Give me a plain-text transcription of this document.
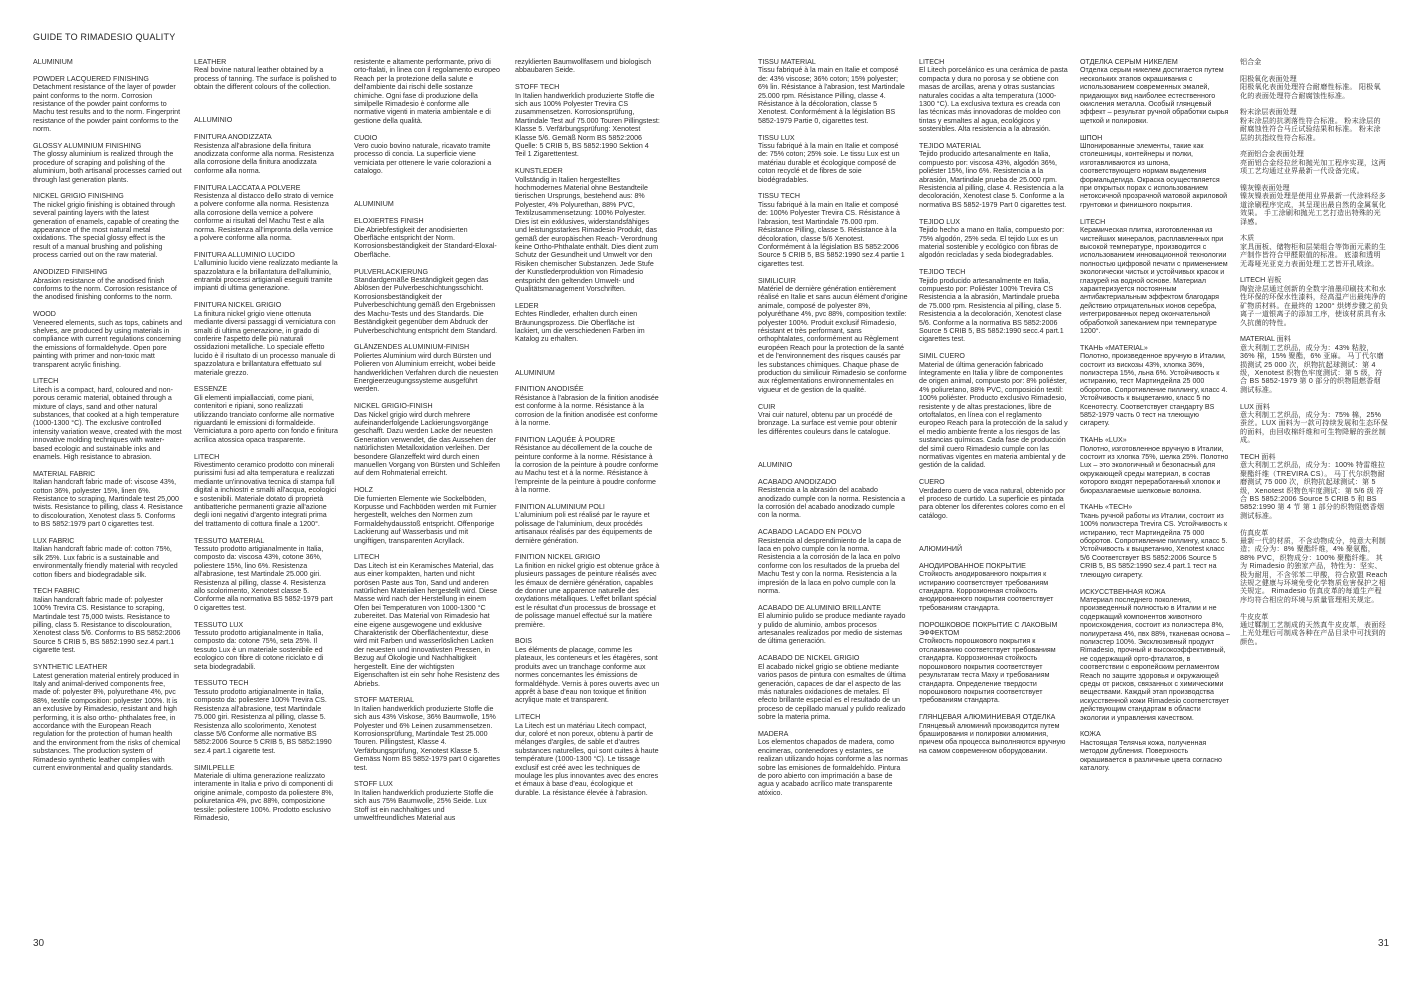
GUIDE TO RIMADESIO QUALITY
ALUMINIUM
POWDER LACQUERED FINISHING
Detachment resistance of the layer of powder paint conforms to the norm. Corrosion resistance of the powder paint conforms to Machu test results and to the norm. Fingerprint resistance of the powder paint conforms to the norm.
GLOSSY ALUMINIUM FINISHING
The glossy aluminium is realized through the procedure of scraping and polishing of the aluminium, both artisanal processes carried out through last generation plants.
NICKEL GRIGIO FINISHING
The nickel grigio finishing is obtained through several painting layers with the latest generation of enamels, capable of creating the appearance of the most natural metal oxidations. The special glossy effect is the result of a manual brushing and polishing process carried out on the raw material.
ANODIZED FINISHING
Abrasion resistance of the anodised finish conforms to the norm. Corrosion resistance of the anodised finishing conforms to the norm.
WOOD
Veneered elements, such as tops, cabinets and shelves, are produced by using materials in compliance with current regulations concerning the emissions of formaldehyde. Open pore painting with primer and non-toxic matt transparent acrylic finishing.
LITECH
Litech is a compact, hard, coloured and non-porous ceramic material, obtained through a mixture of clays, sand and other natural substances, that cooked at a high temperature (1000-1300 °C). The exclusive controlled intensity variation weave, created with the most innovative molding techniques with water-based ecologic and sustainable inks and enamels. High resistance to abrasion.
MATERIAL FABRIC
Italian handcraft fabric made of: viscose 43%, cotton 36%, polyester 15%, linen 6%. Resistance to scraping, Martindale test 25,000 twists. Resistance to pilling, class 4. Resistance to discolouration, Xenotest class 5. Conforms to BS 5852:1979 part 0 cigarettes test.
LUX FABRIC
Italian handcraft fabric made of: cotton 75%, silk 25%. Lux fabric is a sustainable and environmentally friendly material with recycled cotton fibers and biodegradable silk.
TECH FABRIC
Italian handcraft fabric made of: polyester 100% Trevira CS. Resistance to scraping, Martindale test 75,000 twists. Resistance to pilling, class 5. Resistance to discolouration, Xenotest class 5/6. Conforms to BS 5852:2006 Source 5 CRIB 5, BS 5852:1990 sez.4 part.1 cigarette test.
SYNTHETIC LEATHER
Latest generation material entirely produced in Italy and animal-derived components free, made of: polyester 8%, polyurethane 4%, pvc 88%, textile composition: polyester 100%. It is an exclusive by Rimadesio, resistant and high performing, it is also ortho- phthalates free, in accordance with the European Reach regulation for the protection of human health and the environment from the risks of chemical substances. The production system of Rimadesio synthetic leather complies with current environmental and quality standards.
LEATHER
Real bovine natural leather obtained by a process of tanning. The surface is polished to obtain the different colours of the collection.
ALLUMINIO
FINITURA ANODIZZATA
Resistenza all'abrasione della finitura anodizzata conforme alla norma. Resistenza alla corrosione della finitura anodizzata conforme alla norma.
FINITURA LACCATA A POLVERE
Resistenza al distacco dello strato di vernice a polvere conforme alla norma. Resistenza alla corrosione della vernice a polvere conforme ai risultati del Machu Test e alla norma. Resistenza all'impronta della vernice a polvere conforme alla norma.
FINITURA ALLUMINIO LUCIDO
L'alluminio lucido viene realizzato mediante la spazzolatura e la brillantatura dell'alluminio, entrambi processi artigianali eseguiti tramite impianti di ultima generazione.
FINITURA NICKEL GRIGIO
La finitura nickel grigio viene ottenuta mediante diversi passaggi di verniciatura con smalti di ultima generazione, in grado di conferire l'aspetto delle più naturali ossidazioni metalliche. Lo speciale effetto lucido è il risultato di un processo manuale di spazzolatura e brillantatura effettuato sul materiale grezzo.
ESSENZE
Gli elementi impiallacciati, come piani, contenitori e ripiani, sono realizzati utilizzando tranciato conforme alle normative riguardanti le emissioni di formaldeide. Verniciatura a poro aperto con fondo e finitura acrilica atossica opaca trasparente.
LITECH
Rivestimento ceramico prodotto con minerali purissimi fusi ad alta temperatura e realizzati mediante un'innovativa tecnica di stampa full digital a inchiostri e smalti all'acqua, ecologici e sostenibili. Materiale dotato di proprietà antibatteriche permanenti grazie all'azione degli ioni negativi d'argento integrati prima del trattamento di cottura finale a 1200°.
TESSUTO MATERIAL
Tessuto prodotto artigianalmente in Italia, composto da: viscosa 43%, cotone 36%, poliestere 15%, lino 6%. Resistenza all'abrasione, test Martindale 25.000 giri. Resistenza al pilling, classe 4. Resistenza allo scolorimento, Xenotest classe 5. Conforme alla normativa BS 5852-1979 part 0 cigarettes test.
TESSUTO LUX
Tessuto prodotto artigianalmente in Italia, composto da: cotone 75%, seta 25%. Il tessuto Lux è un materiale sostenibile ed ecologico con fibre di cotone riciclato e di seta biodegradabili.
TESSUTO TECH
Tessuto prodotto artigianalmente in Italia, composto da: poliestere 100% Trevira CS. Resistenza all'abrasione, test Martindale 75.000 giri. Resistenza al pilling, classe 5. Resistenza allo scolorimento, Xenotest classe 5/6 Conforme alle normative BS 5852:2006 Source 5 CRIB 5, BS 5852:1990 sez.4 part.1 cigarette test.
SIMILPELLE
Materiale di ultima generazione realizzato interamente in Italia e privo di componenti di origine animale, composto da poliestere 8%, poliuretanica 4%, pvc 88%, composizione tessile: poliestere 100%. Prodotto esclusivo Rimadesio,
resistente e altamente performante, privo di orto-ftalati, in linea con il regolamento europeo Reach per la protezione della salute e dell'ambiente dai rischi delle sostanze chimiche. Ogni fase di produzione della similpelle Rimadesio è conforme alle normative vigenti in materia ambientale e di gestione della qualità.
CUOIO
Vero cuoio bovino naturale, ricavato tramite processo di concia. La superficie viene verniciata per ottenere le varie colorazioni a catalogo.
ALUMINIUM
ELOXIERTES FINISH
Die Abriebfestigkeit der anodisierten Oberfläche entspricht der Norm. Korrosionsbeständigkeit der Standard-Eloxal-Oberfläche.
PULVERLACKIERUNG
Standardgemäße Beständigkeit gegen das Ablösen der Pulverbeschichtungsschicht. Korrosionsbeständigkeit der Pulverbeschichtung gemäß den Ergebnissen des Machu-Tests und des Standards. Die Beständigkeit gegenüber dem Abdruck der Pulverbeschichtung entspricht dem Standard.
GLÄNZENDES ALUMINIUM-FINISH
Poliertes Aluminium wird durch Bürsten und Polieren von Aluminium erreicht, wobei beide handwerklichen Verfahren durch die neuesten Energieerzeugungssysteme ausgeführt werden.
NICKEL GRIGIO-FINISH
Das Nickel grigio wird durch mehrere aufeinanderfolgende Lackierungsvorgänge geschafft. Dazu werden Lacke der neuesten Generation verwendet, die das Aussehen der natürlichsten Metalloxidation verleihen. Der besondere Glanzeffekt wird durch einen manuellen Vorgang von Bürsten und Schleifen auf dem Rohmaterial erreicht.
HOLZ
Die furnierten Elemente wie Sockelböden, Korpusse und Fachböden werden mit Furnier hergestellt, welches den Normen zum Formaldehydausstoß entspricht. Offenporige Lackierung auf Wasserbasis und mit ungiftigen, transparenten Acryllack.
LITECH
Das Litech ist ein Keramisches Material, das aus einer kompakten, harten und nicht porösen Paste aus Ton, Sand und anderen natürlichen Materialien hergestellt wird. Diese Masse wird nach der Herstellung in einem Ofen bei Temperaturen von 1000-1300 °C zubereitet. Das Material von Rimadesio hat eine eigene ausgewogene und exklusive Charakteristik der Oberflächentextur, diese wird mit Farben und wasserlöslichen Lacken der neuesten und innovativsten Pressen, in Bezug auf Ökologie und Nachhaltigkeit hergestellt. Eine der wichtigsten Eigenschaften ist ein sehr hohe Resistenz des Abriebs.
STOFF MATERIAL
In Italien handwerklich produzierte Stoffe die sich aus 43% Viskose, 36% Baumwolle, 15% Polyester und 6% Leinen zusammensetzen. Korrosionsprüfung, Martindale Test 25.000 Touren. Pillingstest, Klasse 4. Verfärbungsprüfung, Xenotest Klasse 5. Gemäss Norm BS 5852-1979 part 0 cigarettes test.
STOFF LUX
In Italien handwerklich produzierte Stoffe die sich aus 75% Baumwolle, 25% Seide. Lux Stoff ist ein nachhaltiges und umweltfreundliches Material aus
rezyklierten Baumwollfasern und biologisch abbaubaren Seide.
STOFF TECH
In Italien handwerklich produzierte Stoffe die sich aus 100% Polyester Trevira CS zusammensetzen. Korrosionsprüfung, Martindale Test auf 75.000 Touren Pillingstest: Klasse 5. Verfärbungsprüfung: Xenotest Klasse 5/6. Gemäß Norm BS 5852:2006 Quelle: 5 CRIB 5, BS 5852:1990 Sektion 4 Teil 1 Zigarettentest.
KUNSTLEDER
Vollständig in Italien hergestelltes hochmodernes Material ohne Bestandteile tierischen Ursprungs, bestehend aus: 8% Polyester, 4% Polyurethan, 88% PVC, Textilzusammensetzung: 100% Polyester. Dies ist ein exklusives, widerstandsfähiges und leistungsstarkes Rimadesio Produkt, das gemäß der europäischen Reach- Verordnung keine Ortho-Phthalate enthält. Dies dient zum Schutz der Gesundheit und Umwelt vor den Risiken chemischer Substanzen. Jede Stufe der Kunstlederproduktion von Rimadesio entspricht den geltenden Umwelt- und Qualitätsmanagement Vorschriften.
LEDER
Echtes Rindleder, erhalten durch einen Bräunungsprozess. Die Oberfläche ist lackiert, um die verschiedenen Farben im Katalog zu erhalten.
ALUMINIUM
FINITION ANODISÉE
Résistance à l'abrasion de la finition anodisée est conforme à la norme. Résistance à la corrosion de la finition anodisée est conforme à la norme.
FINITION LAQUÉE À POUDRE
Résistance au décollement de la couche de peinture conforme à la norme. Résistance à la corrosion de la peinture à poudre conforme au Machu test et à la norme. Résistance à l'empreinte de la peinture à poudre conforme à la norme.
FINITION ALUMINIUM POLI
L'aluminium poli est réalisé par le rayure et polissage de l'aluminium, deux procédés artisanaux réalisés par des équipements de dernière génération.
FINITION NICKEL GRIGIO
La finition en nickel grigio est obtenue grâce à plusieurs passages de peinture réalisés avec les émaux de dernière génération, capables de donner une apparence naturelle des oxydations métalliques. L'effet brillant spécial est le résultat d'un processus de brossage et de polissage manuel effectué sur la matière première.
BOIS
Les éléments de placage, comme les plateaux, les conteneurs et les étagères, sont produits avec un tranchage conforme aux normes concernantes les émissions de formaldéhyde. Vernis à pores ouverts avec un apprêt à base d'eau non toxique et finition acrylique mate et transparent.
LITECH
La Litech est un matériau Litech compact, dur, coloré et non poreux, obtenu à partir de mélanges d'argiles, de sable et d'autres substances naturelles, qui sont cuites à haute température (1000-1300 °C). Le tissage exclusif est créé avec les techniques de moulage les plus innovantes avec des encres et émaux à base d'eau, écologique et durable. La résistance élevée à l'abrasion.
TISSU MATERIAL
Tissu fabriqué à la main en Italie et composé de: 43% viscose; 36% coton; 15% polyester; 6% lin. Résistance à l'abrasion, test Martindale 25.000 rpm. Résistance Pilling, classe 4. Résistance à la décoloration, classe 5 Xenotest. Conformément à la législation BS 5852-1979 Partie 0, cigarettes test.
TISSU LUX
Tissu fabriqué à la main en Italie et composé de: 75% coton; 25% soie. Le tissu Lux est un matériau durable et écologique composé de coton recyclé et de fibres de soie biodégradables.
TISSU TECH
Tissu fabriqué à la main en Italie et composé de: 100% Polyester Trevira CS. Résistance à l'abrasion, test Martindale 75.000 rpm. Résistance Pilling, classe 5. Résistance à la décoloration, classe 5/6 Xenotest. Conformément à la législation BS 5852:2006 Source 5 CRIB 5, BS 5852:1990 sez.4 partie 1 cigarettes test.
SIMILICUIR
Matériel de dernière génération entièrement réalisé en Italie et sans aucun élément d'origine animale, composé de polyester 8%, polyuréthane 4%, pvc 88%, composition textile: polyester 100%. Produit exclusif Rimadesio, résistant et très performant, sans orthophtalates, conformément au Règlement européen Reach pour la protection de la santé et de l'environnement des risques causés par les substances chimiques. Chaque phase de production du similicuir Rimadesio se conforme aux réglementations environnementales en vigueur et de gestion de la qualité.
CUIR
Vrai cuir naturel, obtenu par un procédé de bronzage. La surface est vernie pour obtenir les différentes couleurs dans le catalogue.
ALUMINIO
ACABADO ANODIZADO
Resistencia a la abrasión del acabado anodizado cumple con la norma. Resistencia a la corrosión del acabado anodizado cumple con la norma.
ACABADO LACADO EN POLVO
Resistencia al desprendimiento de la capa de laca en polvo cumple con la norma. Resistencia a la corrosión de la laca en polvo conforme con los resultados de la prueba del Machu Test y con la norma. Resistencia a la impresión de la laca en polvo cumple con la norma.
ACABADO DE ALUMINIO BRILLANTE
El aluminio pulido se produce mediante rayado y pulido de aluminio, ambos procesos artesanales realizados por medio de sistemas de última generación.
ACABADO DE NICKEL GRIGIO
El acabado nickel grigio se obtiene mediante varios pasos de pintura con esmaltes de última generación, capaces de dar el aspecto de las más naturales oxidaciones de metales. El efecto brillante especial es el resultado de un proceso de cepillado manual y pulido realizado sobre la materia prima.
MADERA
Los elementos chapados de madera, como encimeras, contenedores y estantes, se realizan utilizando hojas conforme a las normas sobre las emisiones de formaldehído. Pintura de poro abierto con imprimación a base de agua y acabado acrílico mate transparente atóxico.
LITECH
El Litech porcelánico es una cerámica de pasta compacta y dura no porosa y se obtiene con masas de arcillas, arena y otras sustancias naturales cocidas a alta temperatura (1000-1300 °C). La exclusiva textura es creada con las técnicas más innovadoras de moldeo con tintas y esmaltes al agua, ecológicos y sostenibles. Alta resistencia a la abrasión.
TEJIDO MATERIAL
Tejido producido artesanalmente en Italia, compuesto por: viscosa 43%, algodón 36%, poliéster 15%, lino 6%. Resistencia a la abrasión, Martindale prueba de 25.000 rpm. Resistencia al pilling, clase 4. Resistencia a la decoloración, Xenotest clase 5. Conforme a la normativa BS 5852-1979 Part 0 cigarettes test.
TEJIDO LUX
Tejido hecho a mano en Italia, compuesto por: 75% algodón, 25% seda. El tejido Lux es un material sostenible y ecológico con fibras de algodón recicladas y seda biodegradables.
TEJIDO TECH
Tejido producido artesanalmente en Italia, compuesto por: Poliéster 100% Trevira CS Resistencia a la abrasión, Martindale prueba de 75.000 rpm. Resistencia al pilling, clase 5. Resistencia a la decoloración, Xenotest clase 5/6. Conforme a la normativa BS 5852:2006 Source 5 CRIB 5, BS 5852:1990 secc.4 part.1 cigarettes test.
SIMIL CUERO
Material de última generación fabricado íntegramente en Italia y libre de componentes de origen animal, compuesto por: 8% poliéster, 4% poliuretano, 88% PVC, composición textil: 100% poliéster. Producto exclusivo Rimadesio, resistente y de altas prestaciones, libre de ortoftalatos, en línea con el reglamento europeo Reach para la protección de la salud y el medio ambiente frente a los riesgos de las sustancias químicas. Cada fase de producción del simil cuero Rimadesio cumple con las normativas vigentes en materia ambiental y de gestión de la calidad.
CUERO
Verdadero cuero de vaca natural, obtenido por el proceso de curtido. La superficie es pintada para obtener los diferentes colores como en el catálogo.
АЛЮМИНИЙ
АНОДИРОВАННОЕ ПОКРЫТИЕ
Стойкость анодированного покрытия к истиранию соответствует требованиям стандарта. Коррозионная стойкость анодированного покрытия соответствует требованиям стандарта.
ПОРОШКОВОЕ ПОКРЫТИЕ С ЛАКОВЫМ ЭФФЕКТОМ
Стойкость порошкового покрытия к отслаиванию соответствует требованиям стандарта. Коррозионная стойкость порошкового покрытия соответствует результатам теста Маху и требованиям стандарта. Определение твердости порошкового покрытия соответствует требованиям стандарта.
ГЛЯНЦЕВАЯ АЛЮМИНИЕВАЯ ОТДЕЛКА
Глянцевый алюминий производится путем браширования и полировки алюминия, причем оба процесса выполняются вручную на самом современном оборудовании.
ОТДЕЛКА СЕРЫМ НИКЕЛЕМ
Отделка серым никелем достигается путем нескольких этапов окрашивания с использованием современных эмалей, придающих вид наиболее естественного окисления металла. Особый глянцевый эффект – результат ручной обработки сырья щеткой и полировки.
ШПОН
Шпонированные элементы, такие как столешницы, контейнеры и полки, изготавливаются из шпона, соответствующего нормам выделения формальдегида. Окраска осуществляется при открытых порах с использованием нетоксичной прозрачной матовой акриловой грунтовки и финишного покрытия.
LITECH
Керамическая плитка, изготовленная из чистейших минералов, расплавленных при высокой температуре, производится с использованием инновационной технологии полностью цифровой печати с применением экологически чистых и устойчивых красок и глазурей на водной основе. Материал характеризуется постоянным антибактериальным эффектом благодаря действию отрицательных ионов серебра, интегрированных перед окончательной обработкой запеканием при температуре 1200°.
ТКАНЬ «MATERIAL»
Полотно, произведенное вручную в Италии, состоит из вискозы 43%, хлопка 36%, полиэстера 15%, льна 6%. Устойчивость к истиранию, тест Мартиндейла 25 000 оборотов. Сопротивление пиллингу, класс 4. Устойчивость к выцветанию, класс 5 по Ксенотесту. Соответствует стандарту BS 5852-1979 часть 0 тест на тлеющую сигарету.
ТКАНЬ «LUX»
Полотно, изготовленное вручную в Италии, состоит из хлопка 75%, шелка 25%. Полотно Lux – это экологичный и безопасный для окружающей среды материал, в состав которого входят переработанный хлопок и биоразлагаемые шелковые волокна.
ТКАНЬ «TECH»
Ткань ручной работы из Италии, состоит из 100% полиэстера Trevira CS. Устойчивость к истиранию, тест Мартиндейла 75 000 оборотов. Сопротивление пиллингу, класс 5. Устойчивость к выцветанию, Xenotest класс 5/6 Соответствует BS 5852:2006 Source 5 CRIB 5, BS 5852:1990 sez.4 part.1 тест на тлеющую сигарету.
ИСКУССТВЕННАЯ КОЖА
Материал последнего поколения, произведенный полностью в Италии и не содержащий компонентов животного происхождения, состоит из полиэстера 8%, полиуретана 4%, пвх 88%, тканевая основа – полиэстер 100%. Эксклюзивный продукт Rimadesio, прочный и высокоэффективный, не содержащий орто-фталатов, в соответствии с европейским регламентом Reach по защите здоровья и окружающей среды от рисков, связанных с химическими веществами. Каждый этап производства искусственной кожи Rimadesio соответствует действующим стандартам в области экологии и управления качеством.
КОЖА
Настоящая Телячья кожа, полученная методом дубления. Поверхность окрашивается в различные цвета согласно каталогу.
铝合金
阳极氧化表面处理
阳极氧化表面处理符合耐磨性标准。 阳极氧化的表面处理符合耐腐蚀性标准。
粉末涂层表面处理
粉末涂层的抗剥落性符合标准。 粉末涂层的耐腐蚀性符合马丘试验结果和标准。 粉末涂层的抗指纹性符合标准。
亮面铝合金表面处理
亮面铝合金经拉丝和抛光加工程序实现，这两项工艺均通过业界最新一代设备完成。
镍灰镍表面处理
镍灰镍表面处理是使用业界最新一代涂料经多道涂刷程序完成，其呈现出最自然的金属氧化效果。 手工涂刷和抛光工艺打造出特殊的光泽感。
木质
家具面板、储物柜和层架组合等饰面元素的生产制作皆符合甲醛限值的标准。 底漆和透明无毒哑光亚克力表面处理工艺皆开孔喷涂。
LITECH 岩板
陶瓷涂层通过创新的全数字油墨印刷技术和水性环保的环保水性漆料，经高温产出最纯净的矿物质材料。在最终的 1200° 烘烤步骤之前负离子一道银离子的添加工序，使该材质具有永久抗菌的特性。
MATERIAL 面料
意大利制工艺织品，成分为：43% 粘胶，36% 棉，15% 聚酯，6% 亚麻。 马丁代尔磨损测试 25 000 次，织物抗起球测试：第 4 级，Xenotest 织物色牢度测试：第 5 级，符合 BS 5852-1979 第 0 部分的织物阻燃香烟测试标准。
LUX 面料
意大利制工艺织品，成分为：75% 棉，25% 蚕丝。LUX 面料为一款可持续发展和生态环保的面料，由回收棉纤维和可生物降解的蚕丝制成。
TECH 面料
意大利制工艺织品，成分为：100% 特雷维拉聚酯纤维（TREVIRA CS）。 马丁代尔织物耐磨测试 75 000 次，织物抗起球测试：第 5 级，Xenotest 织物色牢度测试：第 5/6 级 符合 BS 5852:2006 Source 5 CRIB 5 和 BS 5852:1990 第 4 节 第 1 部分的织物阻燃香烟测试标准。
仿真皮革
最新一代的材质，不含动物成分，纯意大利制造；成分为：8% 聚酯纤维，4% 聚氨酯，88% PVC，织物成分：100% 聚酯纤维。 其为 Rimadesio 的独家产品，特性为：坚实、极为耐用，不含邻苯二甲酸，符合欧盟 Reach 法规之健康与环境免受化学物质危害保护之相关规定。 Rimadesio 仿真皮革的每道生产程序均符合相应的环境与质量管理相关规定。
牛皮皮革
通过鞣制工艺制成的天然真牛皮皮革，表面经上光处理后可制成各种在产品目录中可找到的颜色。
30	31
